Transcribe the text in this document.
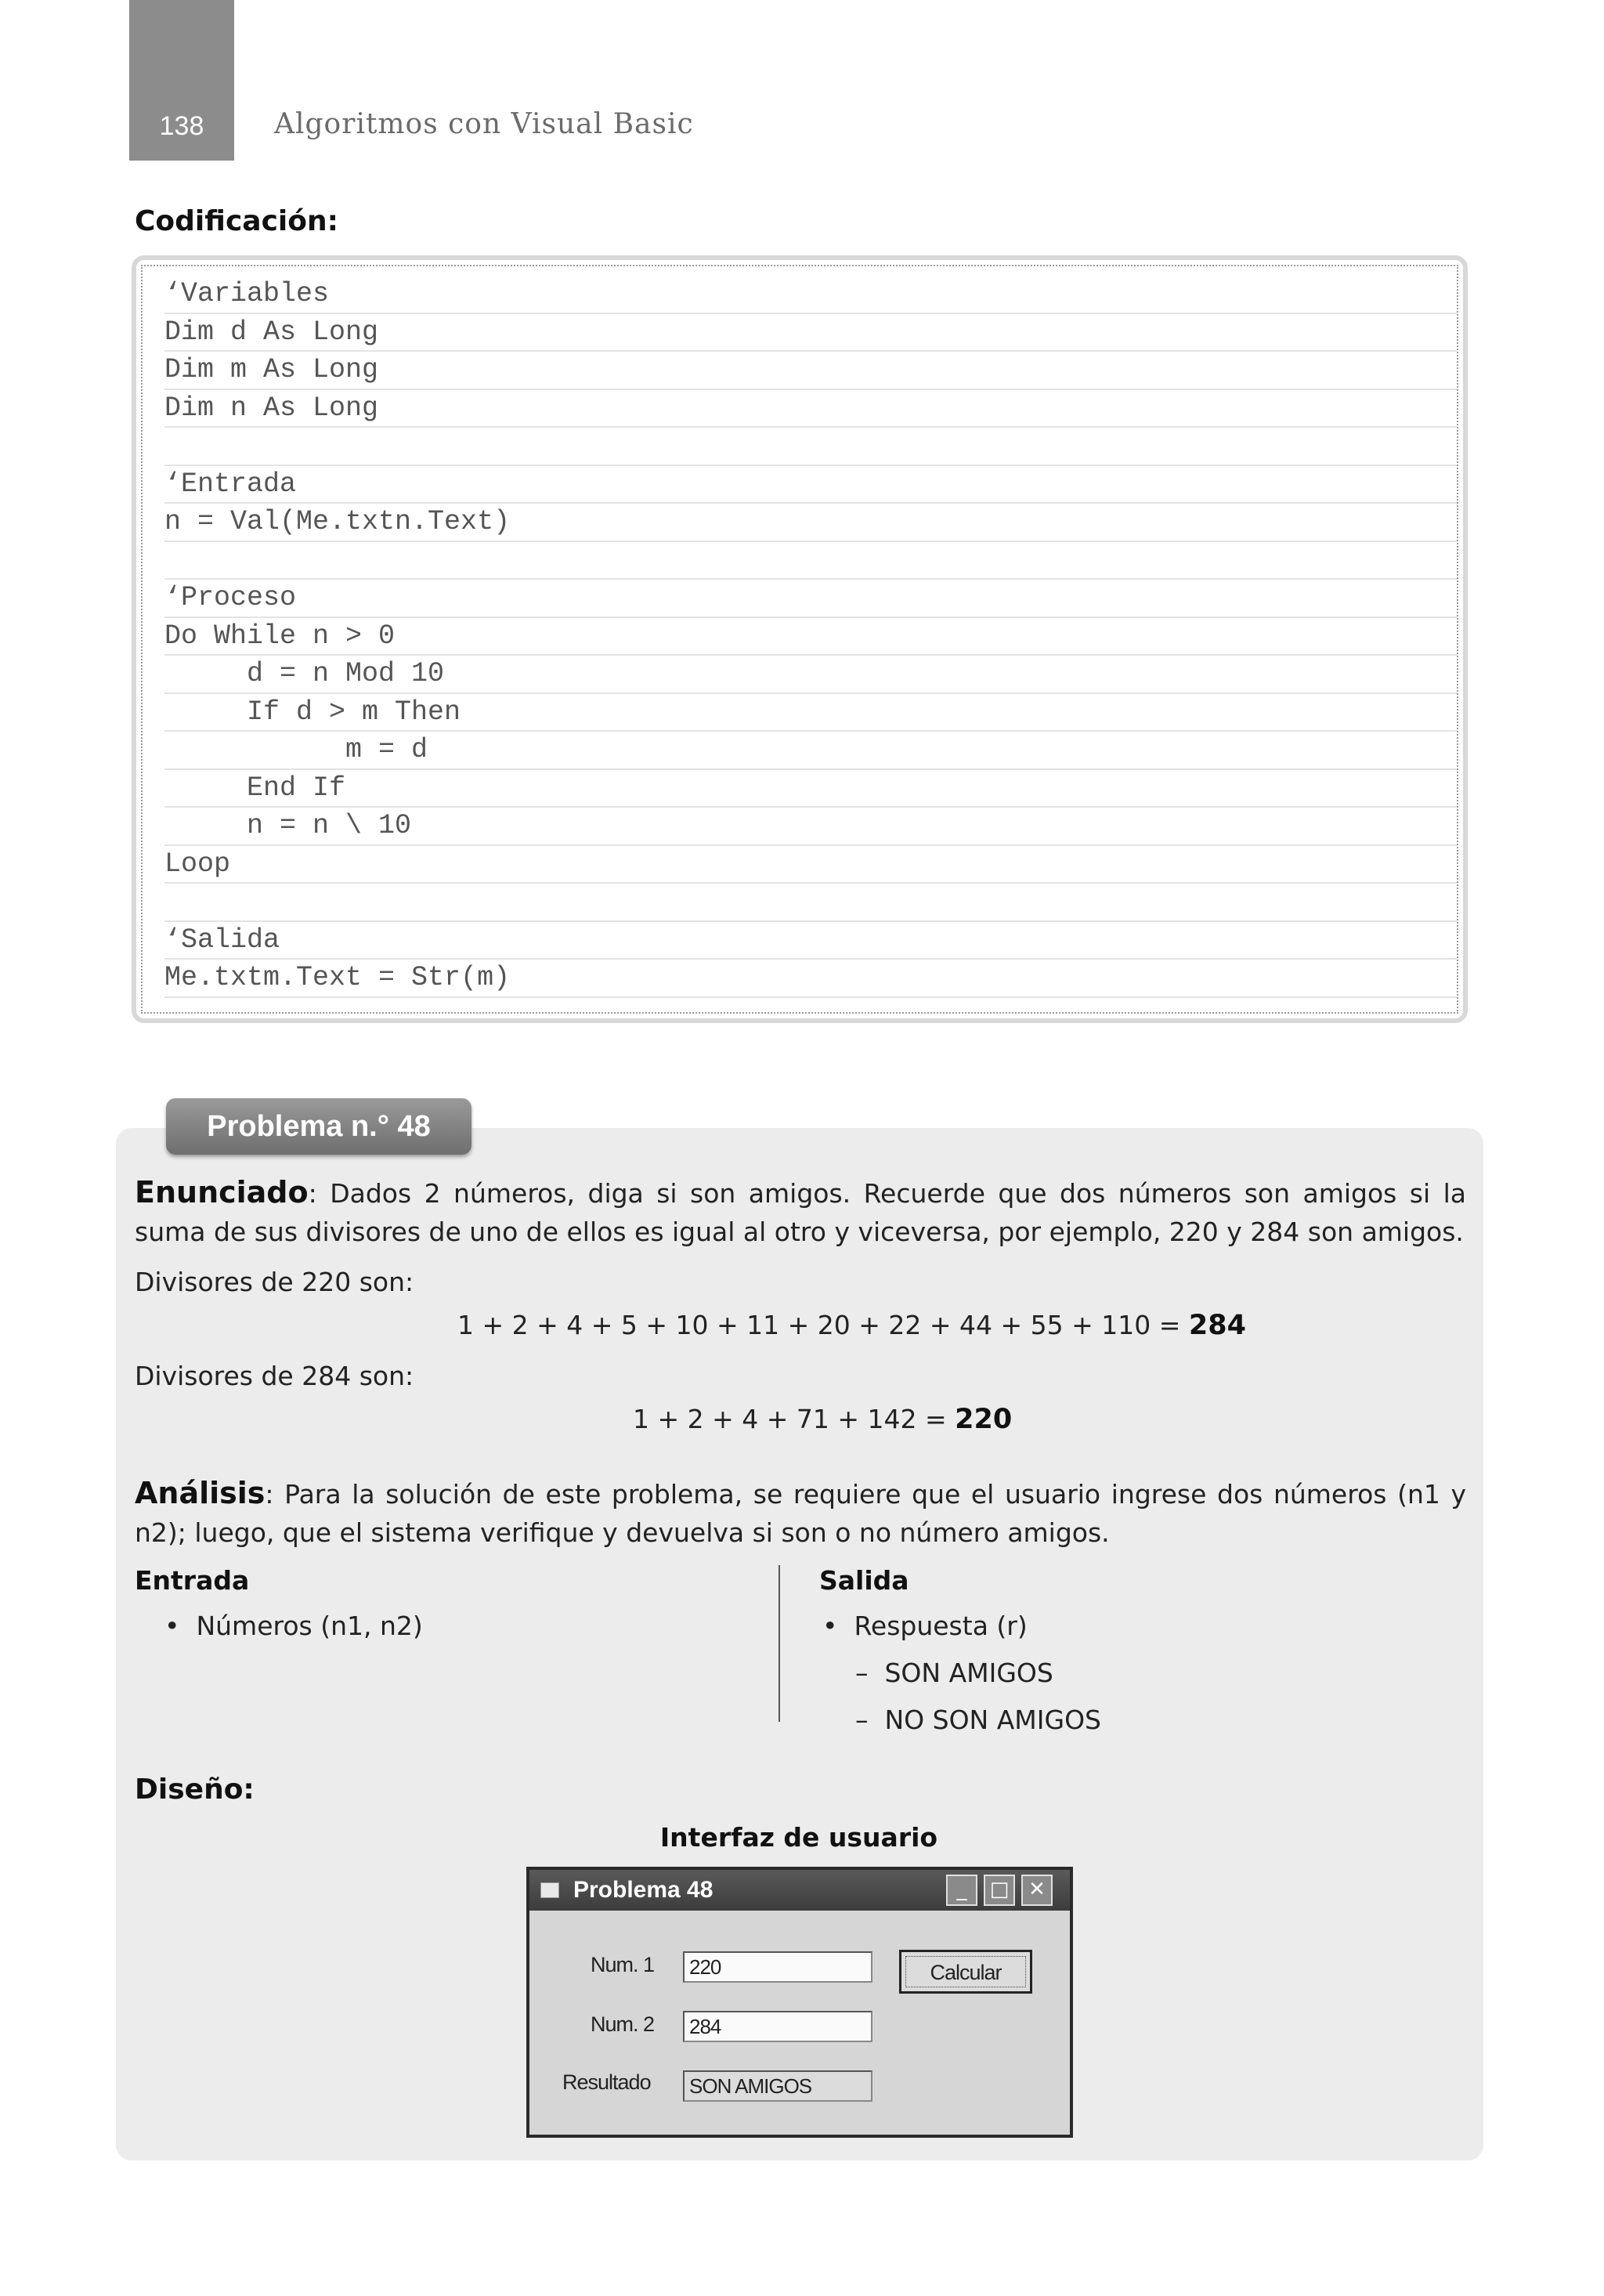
138	Algoritmos con Visual Basic
Codificación:
‘Variables
Dim d As Long
Dim m As Long
Dim n As Long
‘Entrada
n = Val(Me.txtn.Text)
‘Proceso
Do While n > 0
d = n Mod 10
If d > m Then
m = d
End If
n = n \ 10
Loop
‘Salida
Me.txtm.Text = Str(m)
Problema n.° 48
Enunciado: Dados 2 números, diga si son amigos. Recuerde que dos números son amigos si la suma de sus divisores de uno de ellos es igual al otro y viceversa, por ejemplo, 220 y 284 son amigos.
Divisores de 220 son:
1 + 2 + 4 + 5 + 10 + 11 + 20 + 22 + 44 + 55 + 110 = 284
Divisores de 284 son:
1 + 2 + 4 + 71 + 142 = 220
Análisis: Para la solución de este problema, se requiere que el usuario ingrese dos números (n1 y n2); luego, que el sistema verifique y devuelva si son o no número amigos.
Entrada
•  Números (n1, n2)
Salida
•  Respuesta (r)
–  SON AMIGOS
–  NO SON AMIGOS
Diseño:
Interfaz de usuario
Problema 48	_	□ ✕
Num. 1	220
Num. 2	284
Resultado	SON AMIGOS
Calcular
